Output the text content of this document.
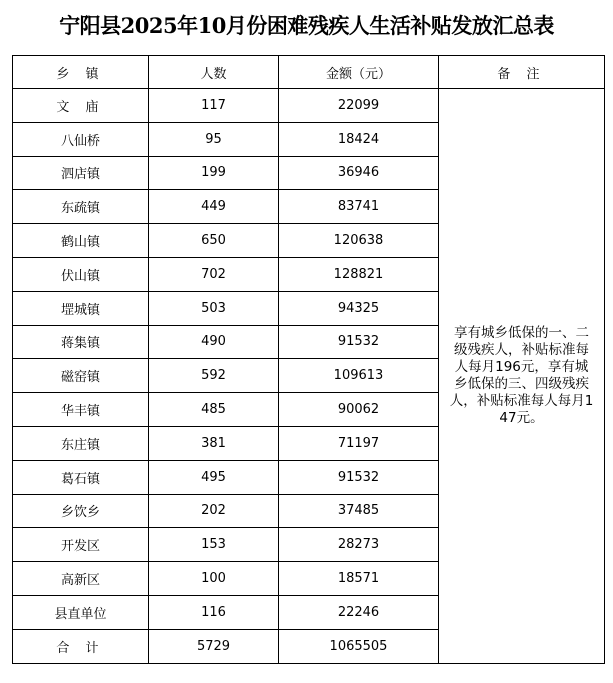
宁阳县2025年10月份困难残疾人生活补贴发放汇总表
乡 镇	人数	金额（元）	备 注
文 庙	117	22099	享有城乡低保的一、二级残疾人，补贴标准每人每月196元，享有城乡低保的三、四级残疾人，补贴标准每人每月147元。
八仙桥	95	18424	
泗店镇	199	36946	
东疏镇	449	83741	
鹤山镇	650	120638	
伏山镇	702	128821	
堽城镇	503	94325	
蒋集镇	490	91532	
磁窑镇	592	109613	
华丰镇	485	90062	
东庄镇	381	71197	
葛石镇	495	91532	
乡饮乡	202	37485	
开发区	153	28273	
高新区	100	18571	
县直单位	116	22246	
合 计	5729	1065505	
